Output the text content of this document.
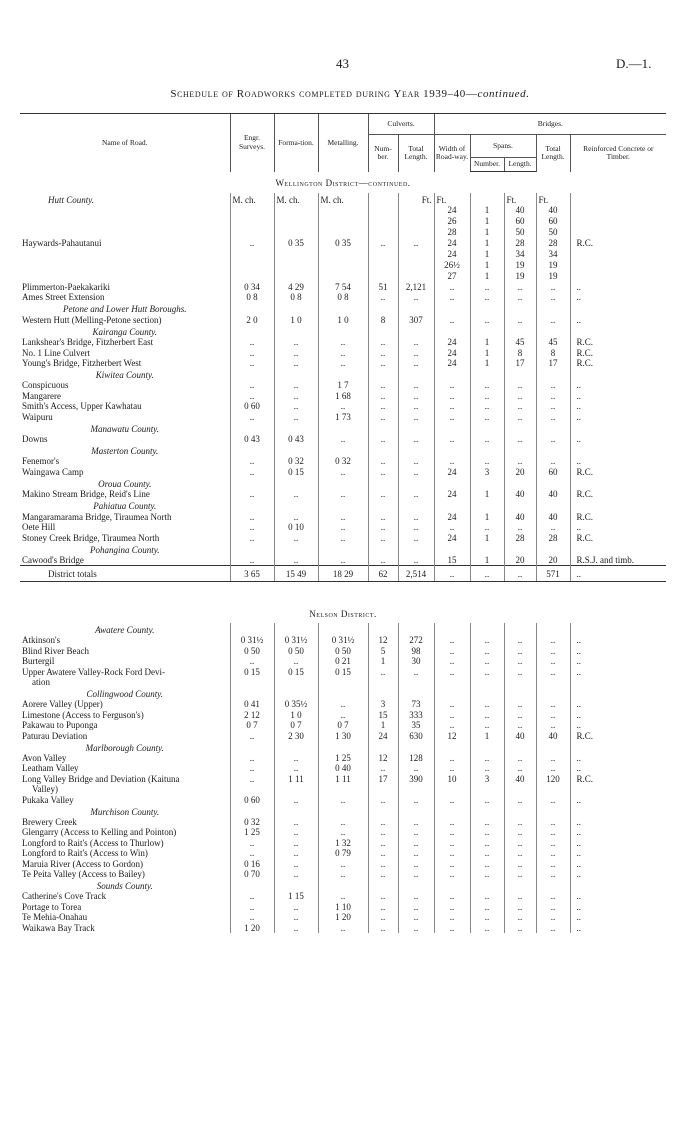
43	D.—1.
Schedule of Roadworks completed during Year 1939–40—continued.
Name of Road.	Engr. Surveys.	Forma-tion.	Metalling.	Culverts.		Bridges.				
				Num-ber.	Total Length.	Width of Road-way.	Spans.		Total Length.	Reinforced Concrete or Timber.
							Number.	Length.		
Wellington District—continued.										
Hutt County.	M. ch.	M. ch.	M. ch.		Ft.	Ft.		Ft.	Ft.	
						24	1	40	40	
						26	1	60	60	
						28	1	50	50	
Haywards-Pahautanui	..	0 35	0 35	..	..	24	1	28	28	R.C.
						24	1	34	34	
						26½	1	19	19	
						27	1	19	19	
Plimmerton-Paekakariki	0 34	4 29	7 54	51	2,121	..	..	..	..	..
Ames Street Extension	0 8	0 8	0 8	..	..	..	..	..	..	..
Petone and Lower Hutt Boroughs.										
Western Hutt (Melling-Petone section)	2 0	1 0	1 0	8	307	..	..	..	..	..
Kairanga County.										
Lankshear's Bridge, Fitzherbert East	..	..	..	..	..	24	1	45	45	R.C.
No. 1 Line Culvert	..	..	..	..	..	24	1	8	8	R.C.
Young's Bridge, Fitzherbert West	..	..	..	..	..	24	1	17	17	R.C.
Kiwitea County.										
Conspicuous	..	..	1 7	..	..	..	..	..	..	..
Mangarere	..	..	1 68	..	..	..	..	..	..	..
Smith's Access, Upper Kawhatau	0 60	..	..	..	..	..	..	..	..	..
Waipuru	..	..	1 73	..	..	..	..	..	..	..
Manawatu County.										
Downs	0 43	0 43	..	..	..	..	..	..	..	..
Masterton County.										
Fenemor's	..	0 32	0 32	..	..	..	..	..	..	..
Waingawa Camp	..	0 15	..	..	..	24	3	20	60	R.C.
Oroua County.										
Makino Stream Bridge, Reid's Line	..	..	..	..	..	24	1	40	40	R.C.
Pahiatua County.										
Mangaramarama Bridge, Tiraumea North	..	..	..	..	..	24	1	40	40	R.C.
Oete Hill	..	0 10	..	..	..	..	..	..	..	..
Stoney Creek Bridge, Tiraumea North	..	..	..	..	..	24	1	28	28	R.C.
Pohangina County.										
Cawood's Bridge	..	..	..	..	..	15	1	20	20	R.S.J. and timb.
District totals	3 65	15 49	18 29	62	2,514	..	..	..	571	..

Nelson District.										
Awatere County.										
Atkinson's	0 31½	0 31½	0 31½	12	272	..	..	..	..	..
Blind River Beach	0 50	0 50	0 50	5	98	..	..	..	..	..
Burtergil	..	..	0 21	1	30	..	..	..	..	..
Upper Awatere Valley-Rock Ford Devi-	0 15	0 15	0 15	..	..	..	..	..	..	..
ation										
Collingwood County.										
Aorere Valley (Upper)	0 41	0 35½	..	3	73	..	..	..	..	..
Limestone (Access to Ferguson's)	2 12	1 0	..	15	333	..	..	..	..	..
Pakawau to Puponga	0 7	0 7	0 7	1	35	..	..	..	..	..
Paturau Deviation	..	2 30	1 30	24	630	12	1	40	40	R.C.
Marlborough County.										
Avon Valley	..	..	1 25	12	128	..	..	..	..	..
Leatham Valley	..	..	0 40	..	..	..	..	..	..	..
Long Valley Bridge and Deviation (Kaituna	..	1 11	1 11	17	390	10	3	40	120	R.C.
Valley)										
Pukaka Valley	0 60	..	..	..	..	..	..	..	..	..
Murchison County.										
Brewery Creek	0 32	..	..	..	..	..	..	..	..	..
Glengarry (Access to Kelling and Pointon)	1 25	..	..	..	..	..	..	..	..	..
Longford to Rait's (Access to Thurlow)	..	..	1 32	..	..	..	..	..	..	..
Longford to Rait's (Access to Win)	..	..	0 79	..	..	..	..	..	..	..
Maruia River (Access to Gordon)	0 16	..	..	..	..	..	..	..	..	..
Te Peita Valley (Access to Bailey)	0 70	..	..	..	..	..	..	..	..	..
Sounds County.										
Catherine's Cove Track	..	1 15	..	..	..	..	..	..	..	..
Portage to Torea	..	..	1 10	..	..	..	..	..	..	..
Te Mehia-Onahau	..	..	1 20	..	..	..	..	..	..	..
Waikawa Bay Track	1 20	..	..	..	..	..	..	..	..	..
